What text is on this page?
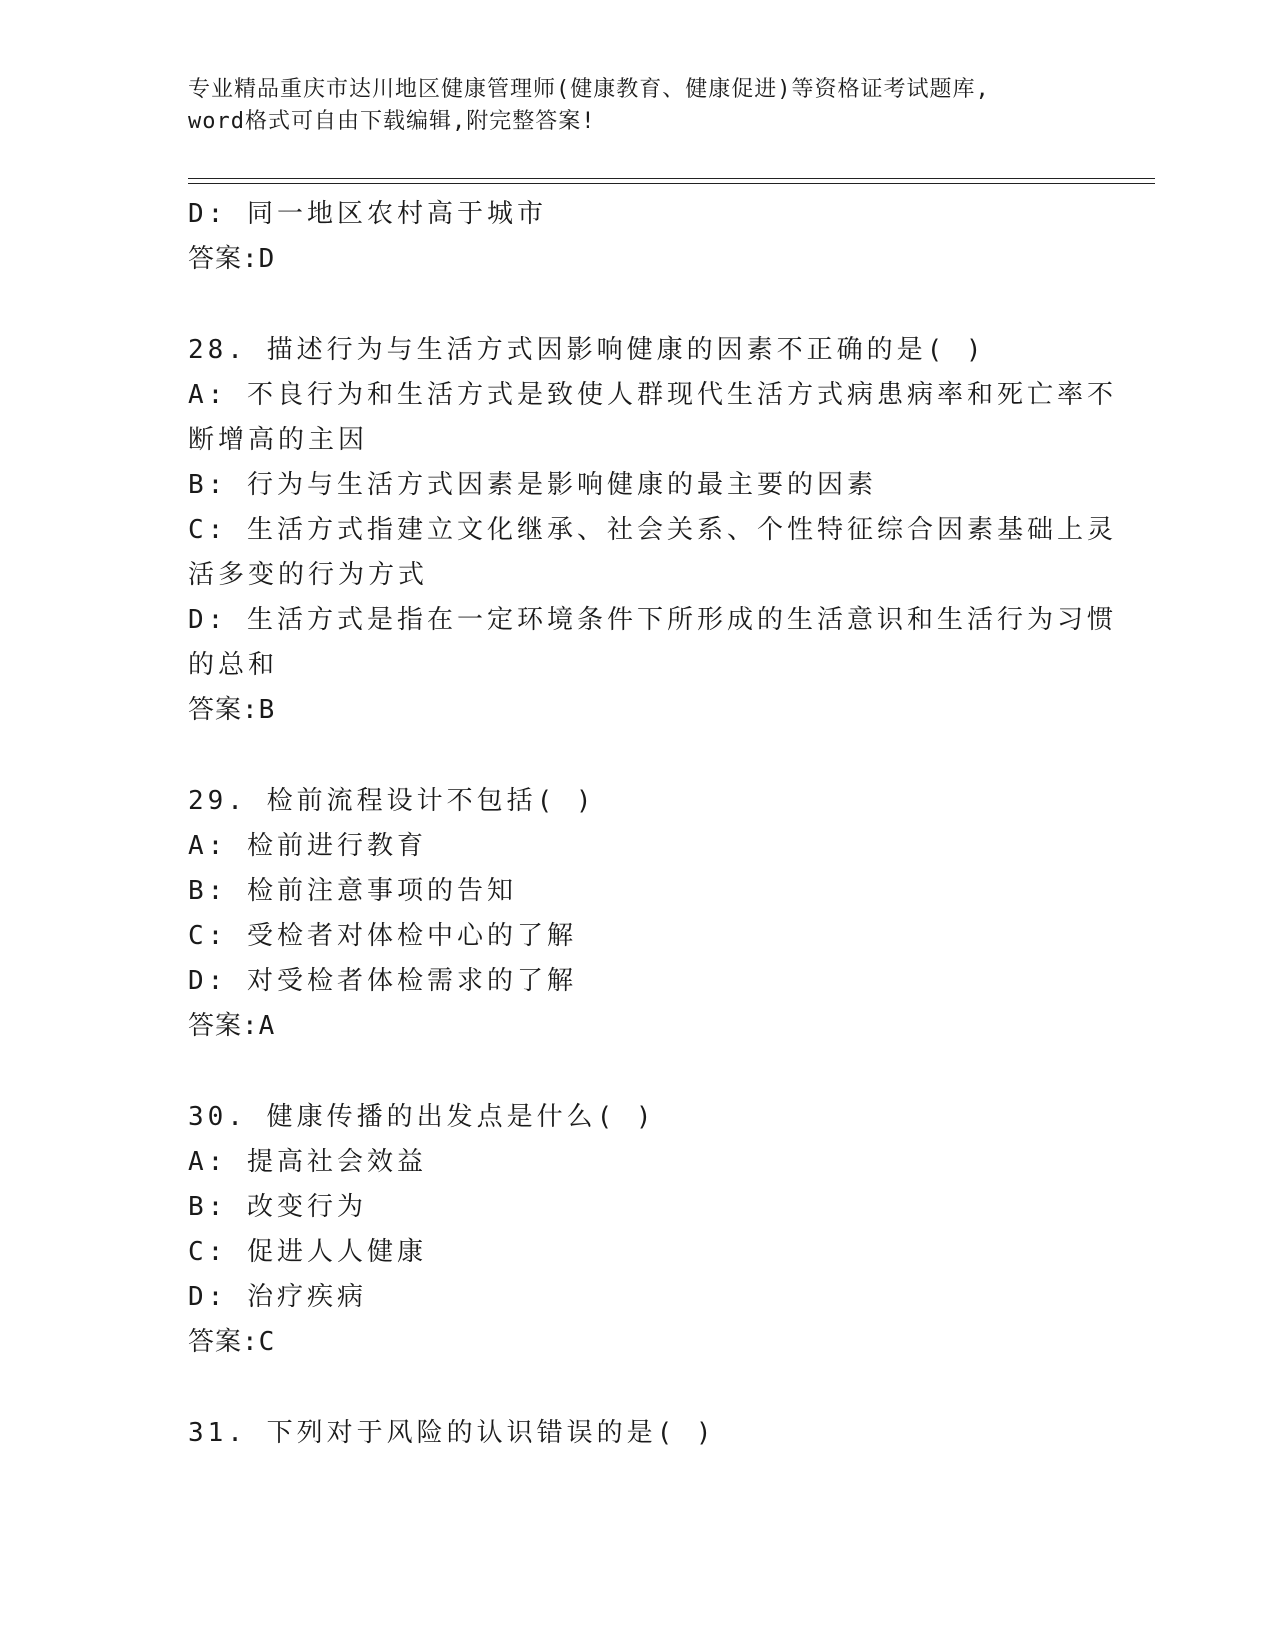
专业精品重庆市达川地区健康管理师(健康教育、健康促进)等资格证考试题库,
word格式可自由下载编辑,附完整答案!
D: 同一地区农村高于城市
答案:D
28. 描述行为与生活方式因影响健康的因素不正确的是( )
A: 不良行为和生活方式是致使人群现代生活方式病患病率和死亡率不
断增高的主因
B: 行为与生活方式因素是影响健康的最主要的因素
C: 生活方式指建立文化继承、社会关系、个性特征综合因素基础上灵
活多变的行为方式
D: 生活方式是指在一定环境条件下所形成的生活意识和生活行为习惯
的总和
答案:B
29. 检前流程设计不包括( )
A: 检前进行教育
B: 检前注意事项的告知
C: 受检者对体检中心的了解
D: 对受检者体检需求的了解
答案:A
30. 健康传播的出发点是什么( )
A: 提高社会效益
B: 改变行为
C: 促进人人健康
D: 治疗疾病
答案:C
31. 下列对于风险的认识错误的是( )
